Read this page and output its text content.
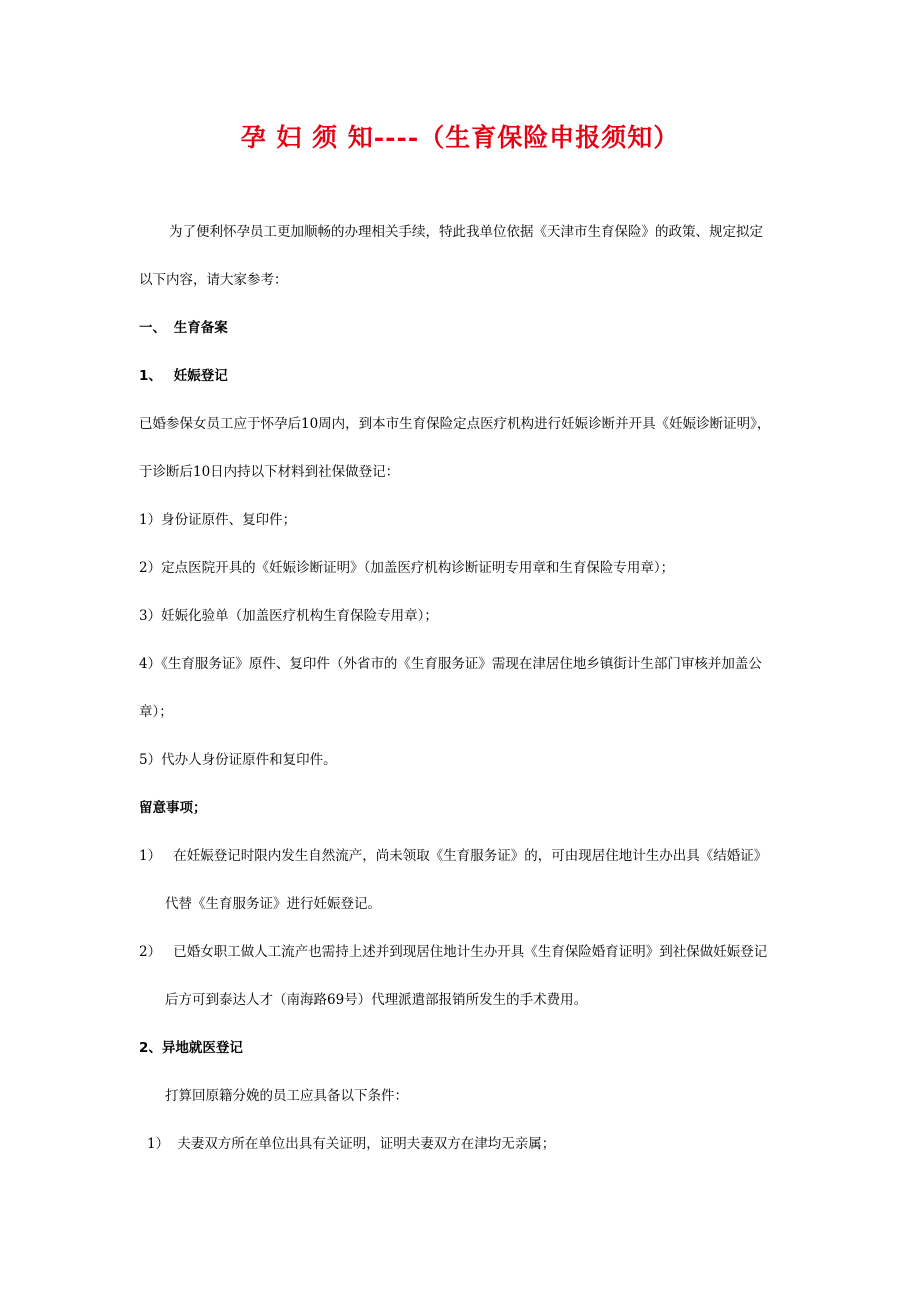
孕 妇 须 知----（生育保险申报须知）
为了便利怀孕员工更加顺畅的办理相关手续，特此我单位依据《天津市生育保险》的政策、规定拟定
以下内容，请大家参考：
一、 生育备案
1、 妊娠登记
已婚参保女员工应于怀孕后10周内，到本市生育保险定点医疗机构进行妊娠诊断并开具《妊娠诊断证明》，
于诊断后10日内持以下材料到社保做登记：
1）身份证原件、复印件；
2）定点医院开具的《妊娠诊断证明》（加盖医疗机构诊断证明专用章和生育保险专用章）；
3）妊娠化验单（加盖医疗机构生育保险专用章）；
4）《生育服务证》原件、复印件（外省市的《生育服务证》需现在津居住地乡镇街计生部门审核并加盖公
章）；
5）代办人身份证原件和复印件。
留意事项；
1） 在妊娠登记时限内发生自然流产，尚未领取《生育服务证》的，可由现居住地计生办出具《结婚证》
代替《生育服务证》进行妊娠登记。
2） 已婚女职工做人工流产也需持上述并到现居住地计生办开具《生育保险婚育证明》到社保做妊娠登记
后方可到泰达人才（南海路69号）代理派遣部报销所发生的手术费用。
2、异地就医登记
打算回原籍分娩的员工应具备以下条件：
1） 夫妻双方所在单位出具有关证明，证明夫妻双方在津均无亲属；
